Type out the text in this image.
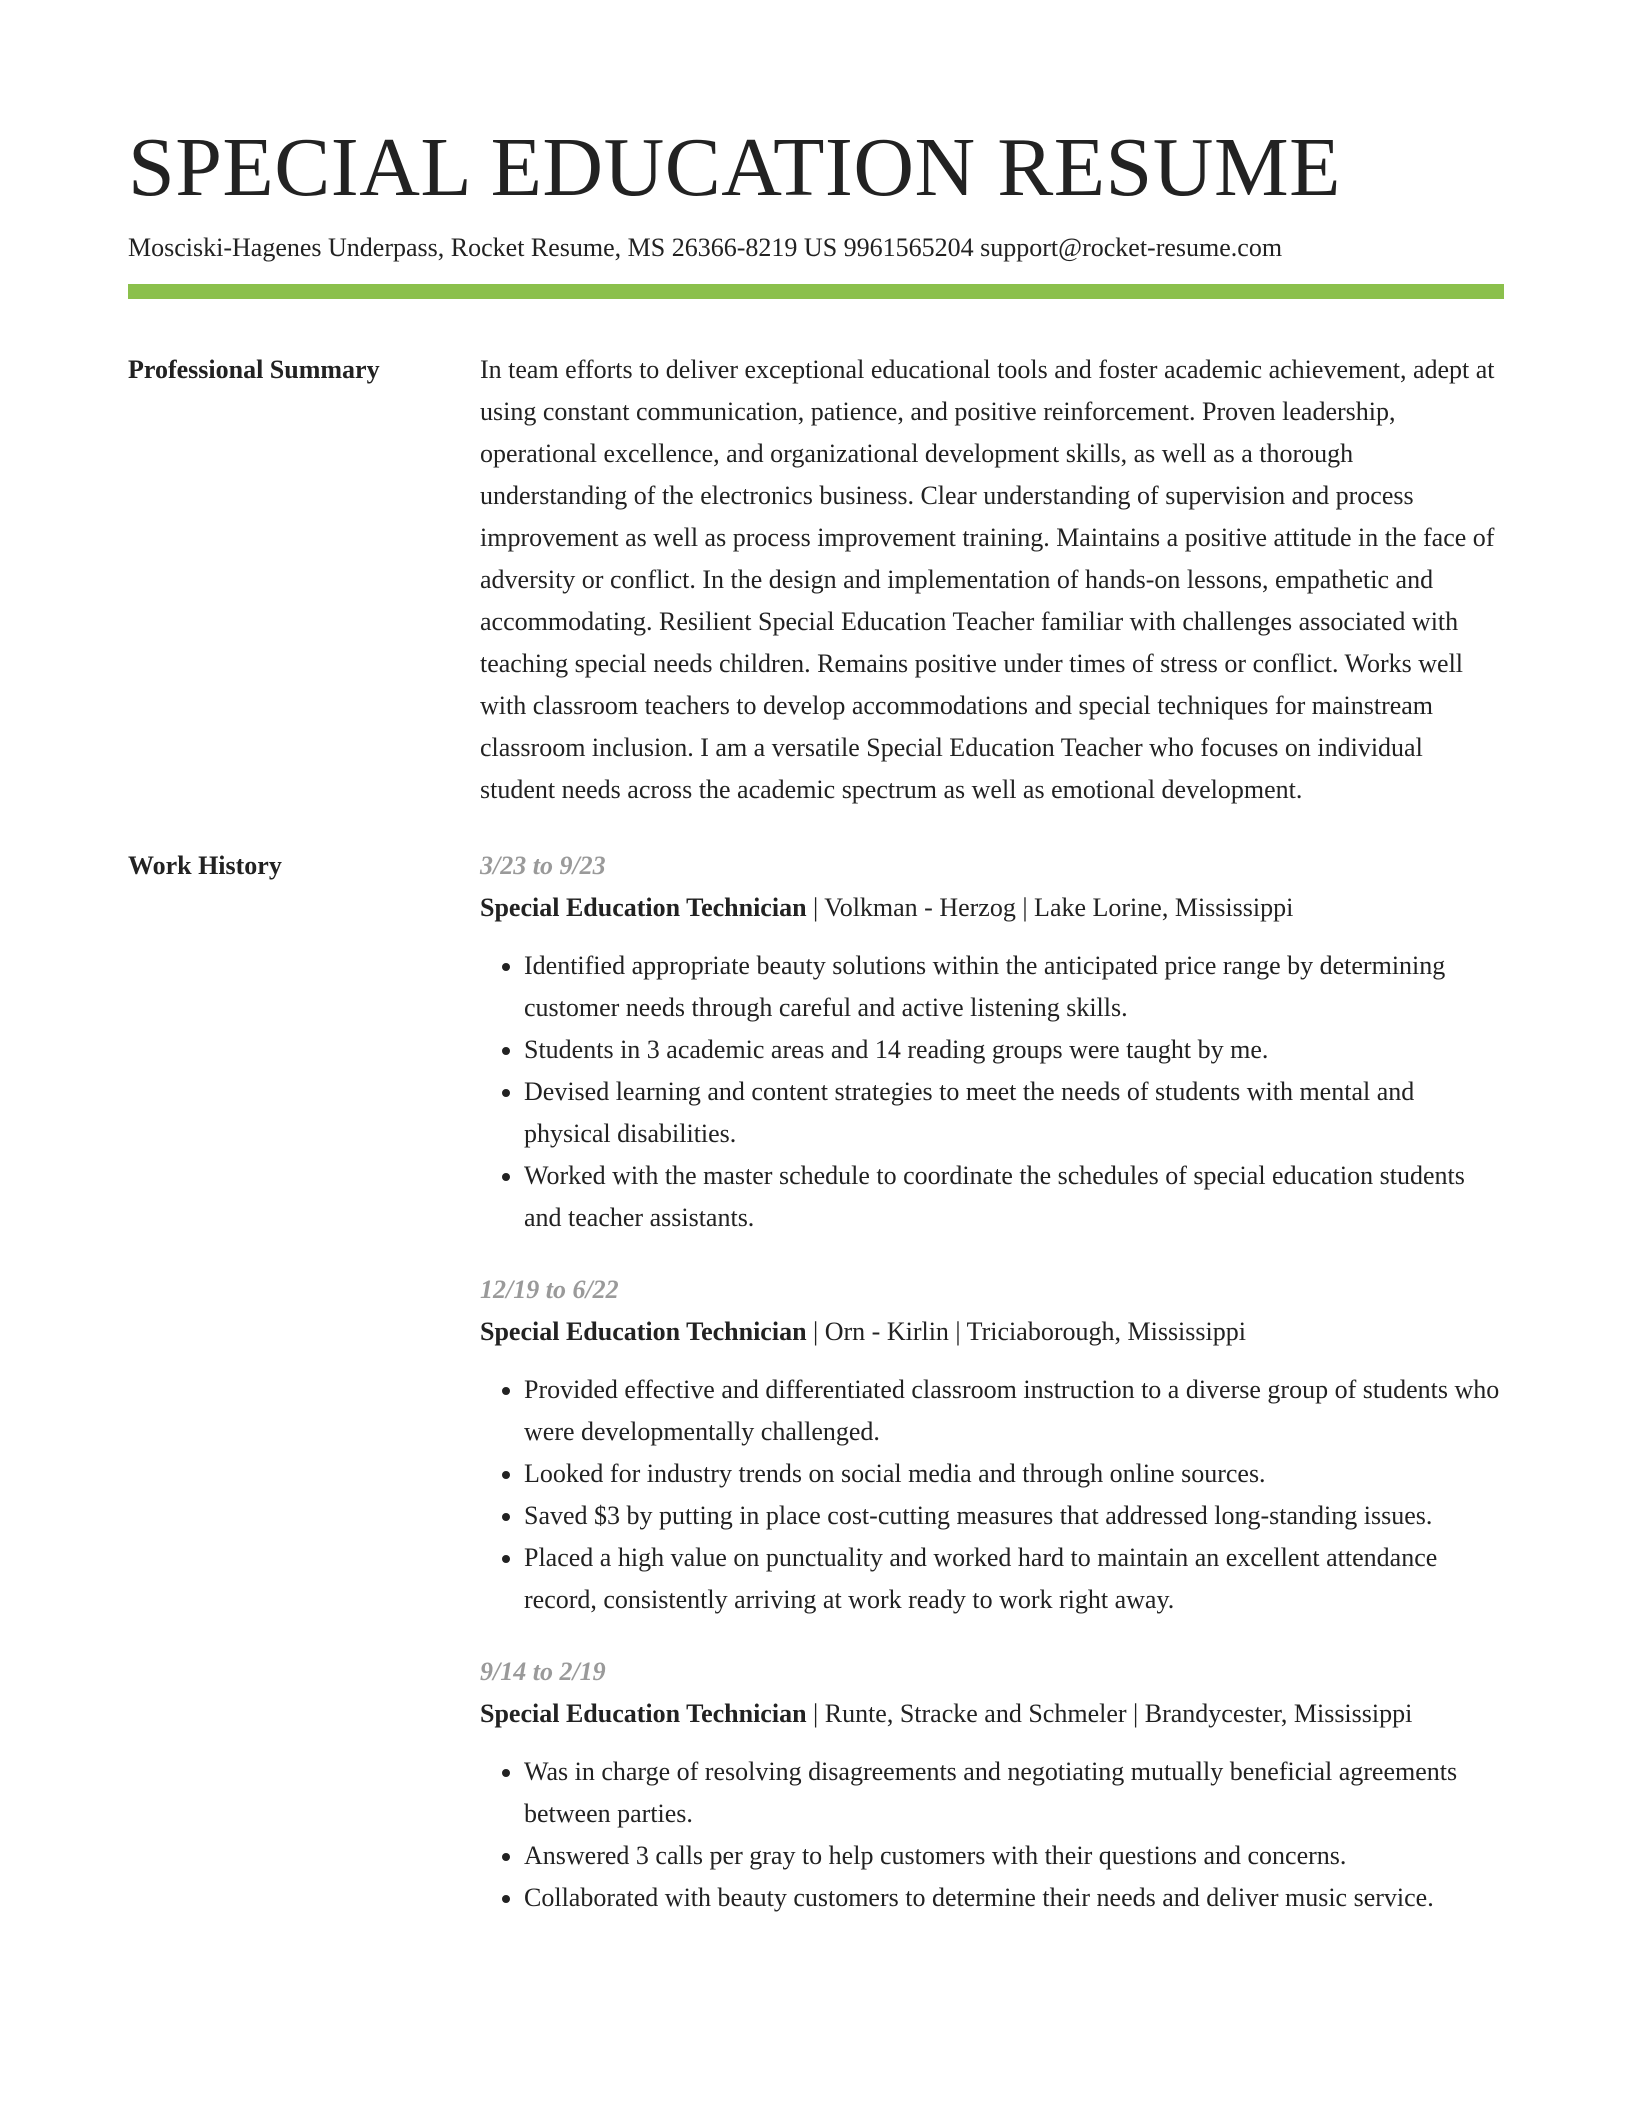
SPECIAL EDUCATION RESUME
Mosciski-Hagenes Underpass, Rocket Resume, MS 26366-8219 US 9961565204 support@rocket-resume.com
Professional Summary	In team efforts to deliver exceptional educational tools and foster academic achievement, adept at using constant communication, patience, and positive reinforcement. Proven leadership, operational excellence, and organizational development skills, as well as a thorough understanding of the electronics business. Clear understanding of supervision and process improvement as well as process improvement training. Maintains a positive attitude in the face of adversity or conflict. In the design and implementation of hands-on lessons, empathetic and accommodating. Resilient Special Education Teacher familiar with challenges associated with teaching special needs children. Remains positive under times of stress or conflict. Works well with classroom teachers to develop accommodations and special techniques for mainstream classroom inclusion. I am a versatile Special Education Teacher who focuses on individual student needs across the academic spectrum as well as emotional development.

Work History	3/23 to 9/23
Special Education Technician | Volkman - Herzog | Lake Lorine, Mississippi
• Identified appropriate beauty solutions within the anticipated price range by determining customer needs through careful and active listening skills.
• Students in 3 academic areas and 14 reading groups were taught by me.
• Devised learning and content strategies to meet the needs of students with mental and physical disabilities.
• Worked with the master schedule to coordinate the schedules of special education students and teacher assistants.
12/19 to 6/22
Special Education Technician | Orn - Kirlin | Triciaborough, Mississippi
• Provided effective and differentiated classroom instruction to a diverse group of students who were developmentally challenged.
• Looked for industry trends on social media and through online sources.
• Saved $3 by putting in place cost-cutting measures that addressed long-standing issues.
• Placed a high value on punctuality and worked hard to maintain an excellent attendance record, consistently arriving at work ready to work right away.
9/14 to 2/19
Special Education Technician | Runte, Stracke and Schmeler | Brandycester, Mississippi
• Was in charge of resolving disagreements and negotiating mutually beneficial agreements between parties.
• Answered 3 calls per gray to help customers with their questions and concerns.
• Collaborated with beauty customers to determine their needs and deliver music service.
